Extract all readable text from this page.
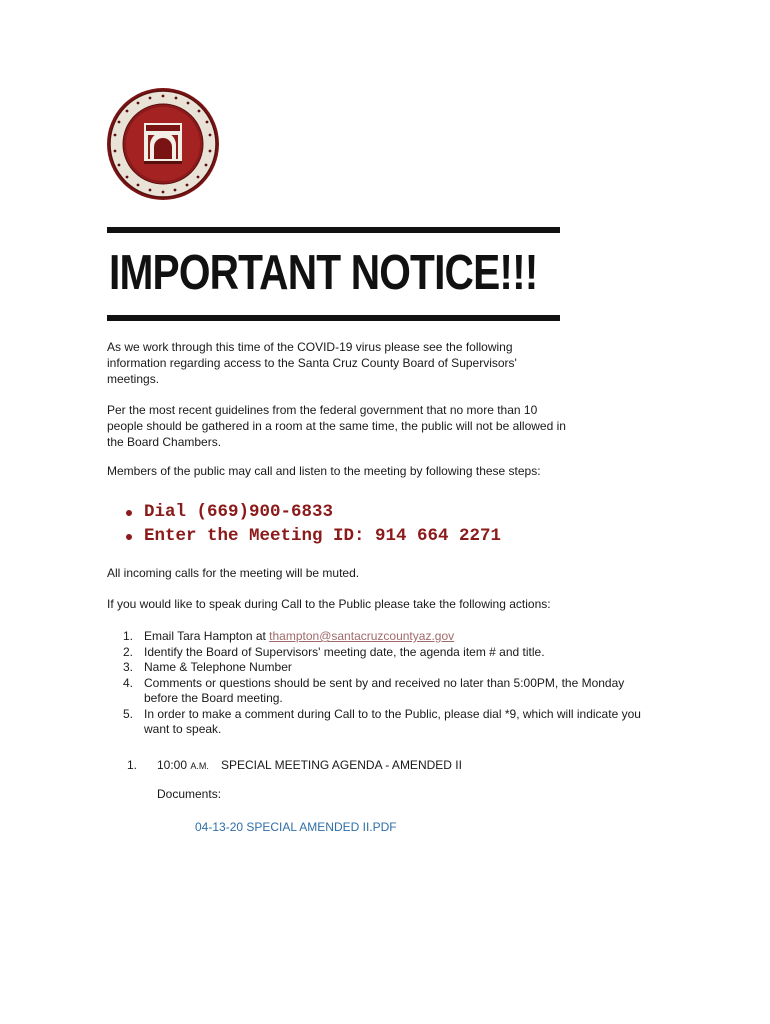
IMPORTANT NOTICE!!!

As we work through this time of the COVID-19 virus please see the following information regarding access to the Santa Cruz County Board of Supervisors' meetings.

Per the most recent guidelines from the federal government that no more than 10 people should be gathered in a room at the same time, the public will not be allowed in the Board Chambers.

Members of the public may call and listen to the meeting by following these steps:

Dial (669)900-6833
Enter the Meeting ID: 914 664 2271

All incoming calls for the meeting will be muted.

If you would like to speak during Call to the Public please take the following actions:

1. Email Tara Hampton at thampton@santacruzcountyaz.gov
2. Identify the Board of Supervisors' meeting date, the agenda item # and title.
3. Name & Telephone Number
4. Comments or questions should be sent by and received no later than 5:00PM, the Monday before the Board meeting.
5. In order to make a comment during Call to to the Public, please dial *9, which will indicate you want to speak.
1. 10:00 A.M. SPECIAL MEETING AGENDA - AMENDED II
Documents:
04-13-20 SPECIAL AMENDED II.PDF
